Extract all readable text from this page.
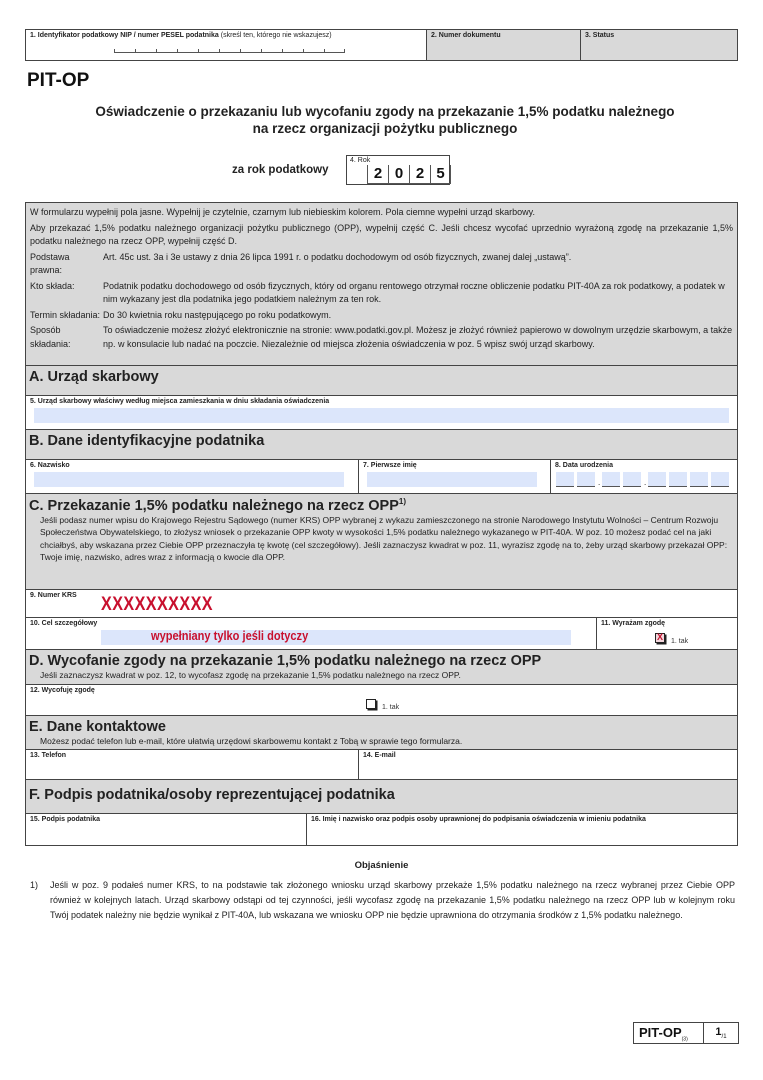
1. Identyfikator podatkowy NIP / numer PESEL podatnika (skreśl ten, którego nie wskazujesz)	2. Numer dokumentu	3. Status
PIT-OP
Oświadczenie o przekazaniu lub wycofaniu zgody na przekazanie 1,5% podatku należnego
na rzecz organizacji pożytku publicznego
za rok podatkowy
4. Rok
2 0 2 5

W formularzu wypełnij pola jasne. Wypełnij je czytelnie, czarnym lub niebieskim kolorem. Pola ciemne wypełni urząd skarbowy.

Aby przekazać 1,5% podatku należnego organizacji pożytku publicznego (OPP), wypełnij część C. Jeśli chcesz wycofać uprzednio wyrażoną zgodę na przekazanie 1,5% podatku należnego na rzecz OPP, wypełnij część D.

Podstawa prawna:
Art. 45c ust. 3a i 3e ustawy z dnia 26 lipca 1991 r. o podatku dochodowym od osób fizycznych, zwanej dalej „ustawą”.
Kto składa:	Podatnik podatku dochodowego od osób fizycznych, który od organu rentowego otrzymał roczne obliczenie podatku PIT-40A za rok podatkowy, a podatek w nim wykazany jest dla podatnika jego podatkiem należnym za ten rok.
Termin składania: Do 30 kwietnia roku następującego po roku podatkowym.
Sposób składania:
To oświadczenie możesz złożyć elektronicznie na stronie: www.podatki.gov.pl. Możesz je złożyć również papierowo w dowolnym urzędzie skarbowym, a także np. w konsulacie lub nadać na poczcie. Niezależnie od miejsca złożenia oświadczenia w poz. 5 wpisz swój urząd skarbowy.
A. Urząd skarbowy
5. Urząd skarbowy właściwy według miejsca zamieszkania w dniu składania oświadczenia
B. Dane identyfikacyjne podatnika
6. Nazwisko	7. Pierwsze imię	8. Data urodzenia
.	.
C. Przekazanie 1,5% podatku należnego na rzecz OPP$^{1)}$
Jeśli podasz numer wpisu do Krajowego Rejestru Sądowego (numer KRS) OPP wybranej z wykazu zamieszczonego na stronie Narodowego Instytutu Wolności – Centrum Rozwoju Społeczeństwa Obywatelskiego, to złożysz wniosek o przekazanie OPP kwoty w wysokości 1,5% podatku należnego wykazanego w PIT-40A. W poz. 10 możesz podać cel na jaki chciałbyś, aby wskazana przez Ciebie OPP przeznaczyła tę kwotę (cel szczegółowy). Jeśli zaznaczysz kwadrat w poz. 11, wyrazisz zgodę na to, żeby urząd skarbowy przekazał OPP: Twoje imię, nazwisko, adres wraz z informacją o kwocie dla OPP.
9. Numer KRS XXXXXXXXXX
10. Cel szczegółowy
wypełniany tylko jeśli dotyczy
11. Wyrażam zgodę
X
1. tak
D. Wycofanie zgody na przekazanie 1,5% podatku należnego na rzecz OPP
Jeśli zaznaczysz kwadrat w poz. 12, to wycofasz zgodę na przekazanie 1,5% podatku należnego na rzecz OPP.
12. Wycofuję zgodę
1. tak
E. Dane kontaktowe
Możesz podać telefon lub e-mail, które ułatwią urzędowi skarbowemu kontakt z Tobą w sprawie tego formularza.
13. Telefon	14. E-mail
F. Podpis podatnika/osoby reprezentującej podatnika
15. Podpis podatnika	16. Imię i nazwisko oraz podpis osoby uprawnionej do podpisania oświadczenia w imieniu podatnika
Objaśnienie
1)	Jeśli w poz. 9 podałeś numer KRS, to na podstawie tak złożonego wniosku urząd skarbowy przekaże 1,5% podatku należnego na rzecz wybranej przez Ciebie OPP również w kolejnych latach. Urząd skarbowy odstąpi od tej czynności, jeśli wycofasz zgodę na przekazanie 1,5% podatku należnego na rzecz OPP lub w kolejnym roku Twój podatek należny nie będzie wynikał z PIT-40A, lub wskazana we wniosku OPP nie będzie uprawniona do otrzymania środków z 1,5% podatku należnego.
PIT-$OP_{(3)}$
$1_{/1}$
